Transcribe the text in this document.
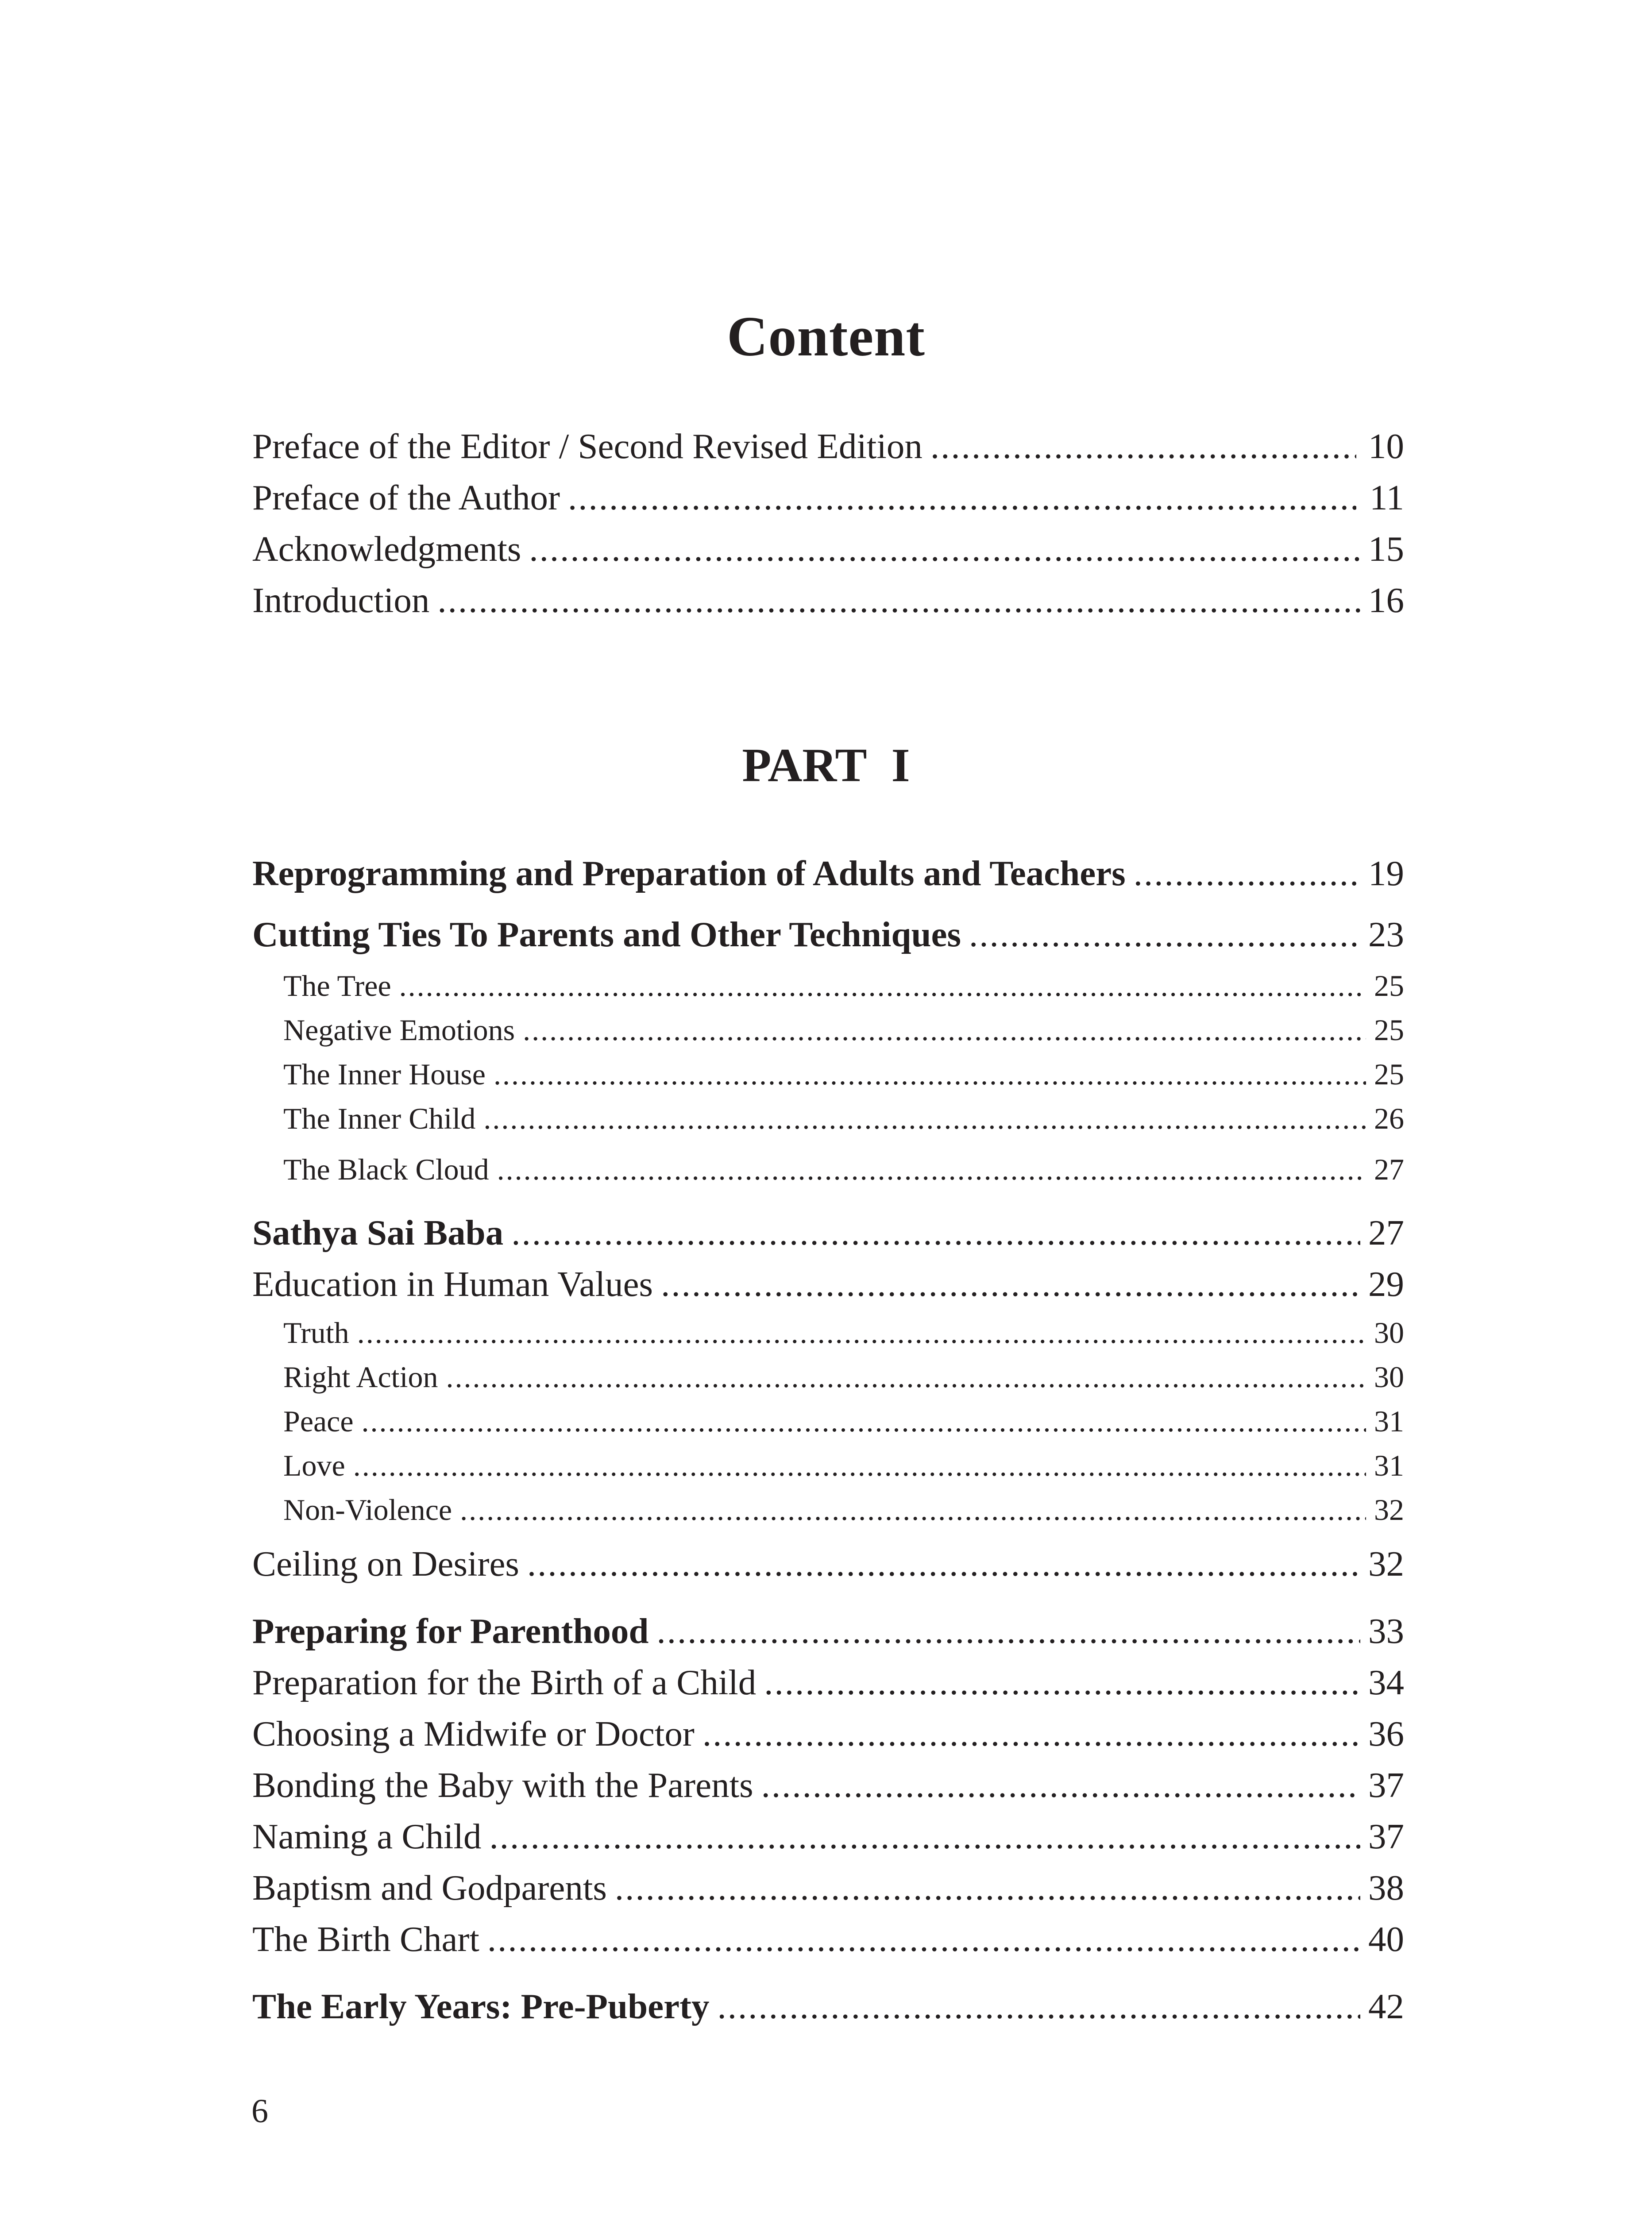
Content
Preface of the Editor / Second Revised Edition .....	10
Preface of the Author .....	11
Acknowledgments .....	15
Introduction .....	16
PART I
Reprogramming and Preparation of Adults and Teachers .....	19
Cutting Ties To Parents and Other Techniques .....	23
The Tree .....	25
Negative Emotions .....	25
The Inner House .....	25
The Inner Child .....	26
The Black Cloud .....	27
Sathya Sai Baba .....	27
Education in Human Values .....	29
Truth .....	30
Right Action .....	30
Peace .....	31
Love .....	31
Non-Violence .....	32
Ceiling on Desires .....	32
Preparing for Parenthood .....	33
Preparation for the Birth of a Child .....	34
Choosing a Midwife or Doctor .....	36
Bonding the Baby with the Parents .....	37
Naming a Child .....	37
Baptism and Godparents .....	38
The Birth Chart .....	40
The Early Years: Pre-Puberty .....	42
6
